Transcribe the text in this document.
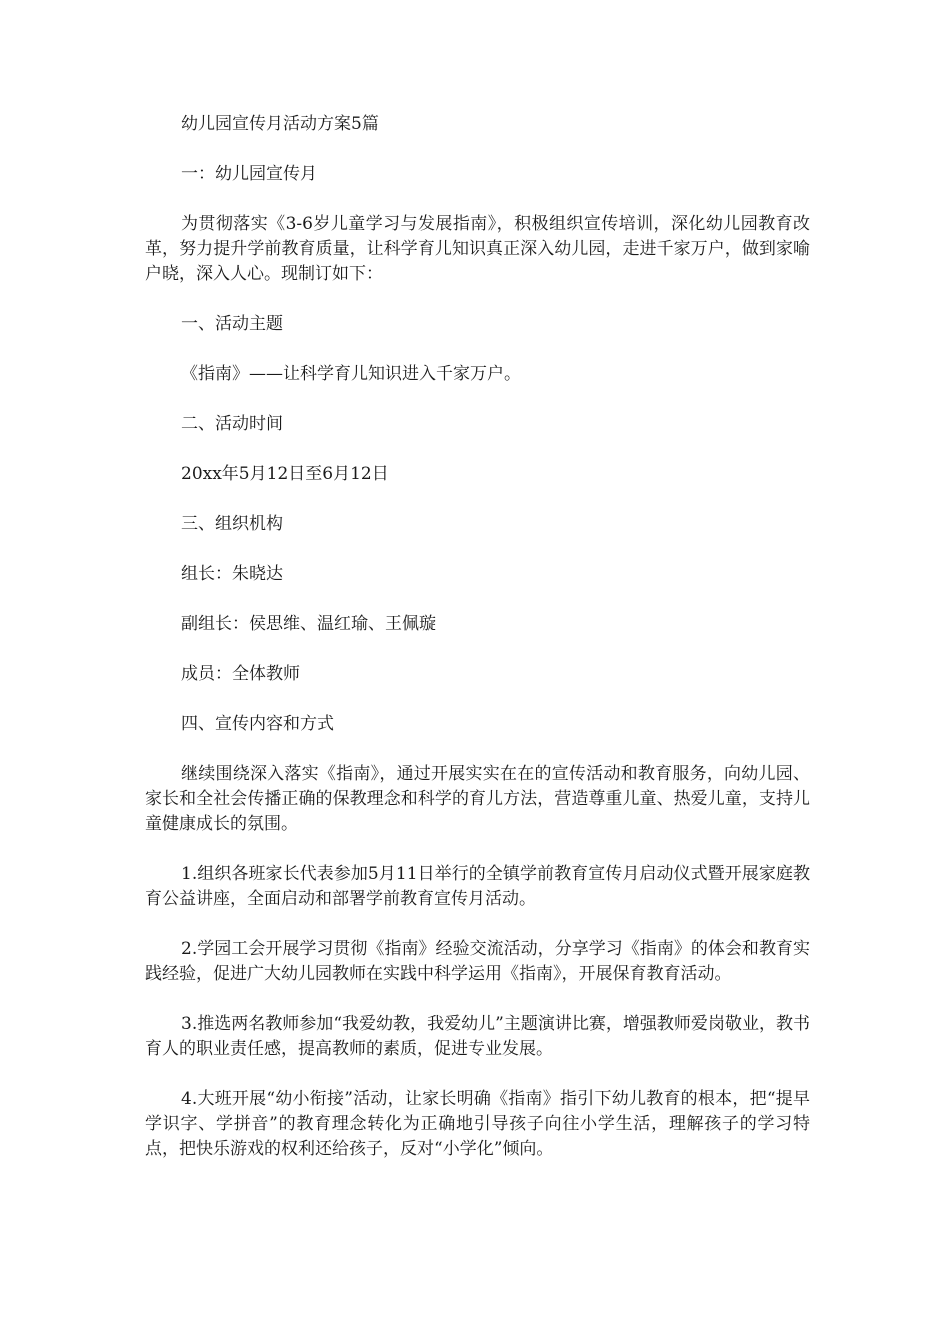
幼儿园宣传月活动方案5篇

一：幼儿园宣传月

为贯彻落实《3-6岁儿童学习与发展指南》，积极组织宣传培训，深化幼儿园教育改革，努力提升学前教育质量，让科学育儿知识真正深入幼儿园，走进千家万户，做到家喻户晓，深入人心。现制订如下：

一、活动主题

《指南》——让科学育儿知识进入千家万户。

二、活动时间

20xx年5月12日至6月12日

三、组织机构

组长：朱晓达

副组长：侯思维、温红瑜、王佩璇

成员：全体教师

四、宣传内容和方式

继续围绕深入落实《指南》，通过开展实实在在的宣传活动和教育服务，向幼儿园、家长和全社会传播正确的保教理念和科学的育儿方法，营造尊重儿童、热爱儿童，支持儿童健康成长的氛围。

1.组织各班家长代表参加5月11日举行的全镇学前教育宣传月启动仪式暨开展家庭教育公益讲座，全面启动和部署学前教育宣传月活动。

2.学园工会开展学习贯彻《指南》经验交流活动，分享学习《指南》的体会和教育实践经验，促进广大幼儿园教师在实践中科学运用《指南》，开展保育教育活动。

3.推选两名教师参加“我爱幼教，我爱幼儿”主题演讲比赛，增强教师爱岗敬业，教书育人的职业责任感，提高教师的素质，促进专业发展。

4.大班开展“幼小衔接”活动，让家长明确《指南》指引下幼儿教育的根本，把“提早学识字、学拼音”的教育理念转化为正确地引导孩子向往小学生活，理解孩子的学习特点，把快乐游戏的权利还给孩子，反对“小学化”倾向。
